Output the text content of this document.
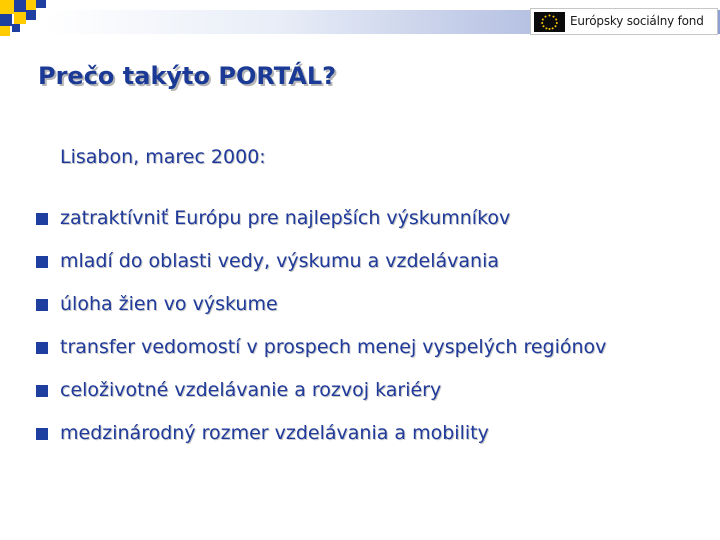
Európsky sociálny fond
Prečo takýto PORTÁL?
Lisabon, marec 2000:
zatraktívniť Európu pre najlepších výskumníkov
mladí do oblasti vedy, výskumu a vzdelávania
úloha žien vo výskume
transfer vedomostí v prospech menej vyspelých regiónov
celoživotné vzdelávanie a rozvoj kariéry
medzinárodný rozmer vzdelávania a mobility
